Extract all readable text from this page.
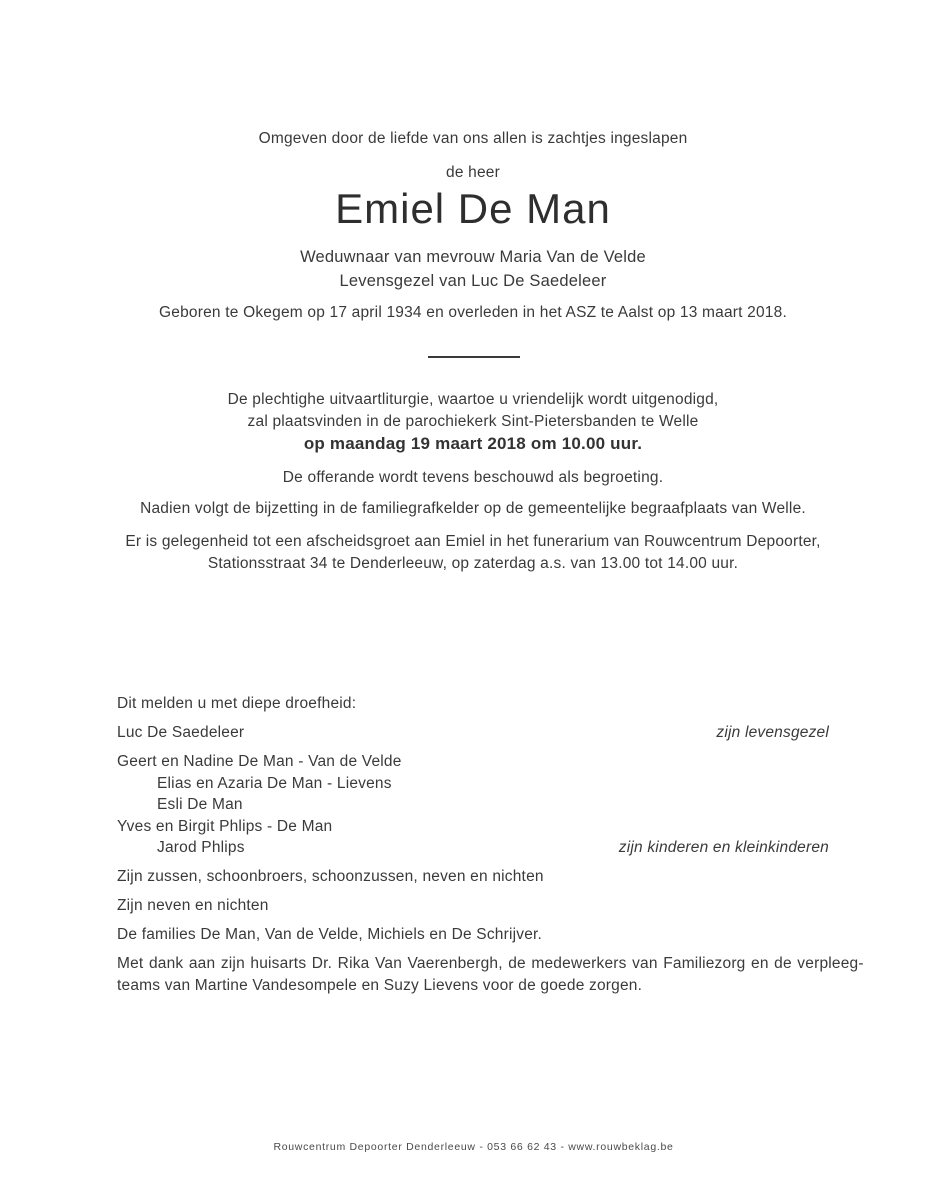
Omgeven door de liefde van ons allen is zachtjes ingeslapen
de heer
Emiel De Man
Weduwnaar van mevrouw Maria Van de Velde
Levensgezel van Luc De Saedeleer
Geboren te Okegem op 17 april 1934 en overleden in het ASZ te Aalst op 13 maart 2018.
De plechtighe uitvaartliturgie, waartoe u vriendelijk wordt uitgenodigd,
zal plaatsvinden in de parochiekerk Sint-Pietersbanden te Welle
op maandag 19 maart 2018 om 10.00 uur.
De offerande wordt tevens beschouwd als begroeting.
Nadien volgt de bijzetting in de familiegrafkelder op de gemeentelijke begraafplaats van Welle.
Er is gelegenheid tot een afscheidsgroet aan Emiel in het funerarium van Rouwcentrum Depoorter,
Stationsstraat 34 te Denderleeuw, op zaterdag a.s. van 13.00 tot 14.00 uur.

Dit melden u met diepe droefheid:

Luc De Saedeleer	zijn levensgezel

Geert en Nadine De Man - Van de Velde
Elias en Azaria De Man - Lievens
Esli De Man
Yves en Birgit Phlips - De Man
Jarod Phlips	zijn kinderen en kleinkinderen

Zijn zussen, schoonbroers, schoonzussen, neven en nichten

Zijn neven en nichten

De families De Man, Van de Velde, Michiels en De Schrijver.

Met dank aan zijn huisarts Dr. Rika Van Vaerenbergh, de medewerkers van Familiezorg en de verpleeg-
teams van Martine Vandesompele en Suzy Lievens voor de goede zorgen.

Rouwcentrum Depoorter Denderleeuw - 053 66 62 43 - www.rouwbeklag.be
